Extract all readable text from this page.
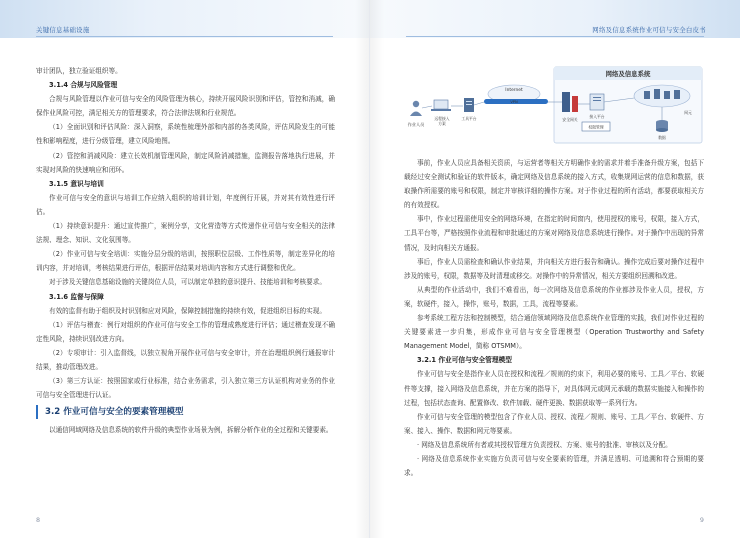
关键信息基础设施

审计团队，独立验证组织等。

3.1.4 合规与风险管理

合规与风险管理以作业可信与安全的风险管理为核心，持续开展风险识别和评估，管控和消减，确保作业风险可控，满足相关方的管理要求，符合法律法规和行业规范。

（1）全面识别和评估风险：深入洞察，系统性梳理外部和内部的各类风险，评估风险发生的可能性和影响程度，进行分级管理，建立风险地图。

（2）管控和消减风险：建立长效机制管理风险，制定风险消减措施，监测报告落地执行进展，并实现对风险的快速响应和闭环。

3.1.5 意识与培训

作业可信与安全的意识与培训工作应纳入组织的培训计划，年度例行开展，并对其有效性进行评估。

（1）持续意识提升：通过宣传推广，案例分享，文化营造等方式传递作业可信与安全相关的法律法规、理念、知识、文化氛围等。

（2）作业可信与安全培训：实施分层分级的培训，按照职位层级、工作性质等，制定差异化的培训内容，并对培训，考核结果进行评估，根据评估结果对培训内容和方式进行调整和优化。

对于涉及关键信息基础设施的关键岗位人员，可以制定单独的意识提升、技能培训和考核要求。

3.1.6 监督与保障

有效的监督有助于组织及时识别和应对风险，保障控制措施的持续有效，促进组织目标的实现。

（1）评估与稽查：例行对组织的作业可信与安全工作的管理成熟度进行评估；通过稽查发现不确定性风险，持续识别改进方向。

（2）专项审计：引入监督线，以独立视角开展作业可信与安全审计，并在治理组织例行通报审计结果，推动管理改进。

（3）第三方认证：按照国家或行业标准，结合业务需求，引入独立第三方认证机构对业务的作业可信与安全管理进行认证。

3.2 作业可信与安全的要素管理模型

以通信网域网络及信息系统的软件升级的典型作业场景为例，拆解分析作业的全过程和关键要素。

8
网络及信息系统作业可信与安全白皮书
网络及信息系统
作业人员
远程接入
方案
工具平台
Internet
VPN
安全网关
接入平台
权限管理
网元
数据

事前，作业人员应具备相关资质，与运营者等相关方明确作业的需求并着手准备升级方案，包括下载经过安全测试和验证的软件版本，确定网络及信息系统的接入方式，收集规网运营的信息和数据，获取操作所需要的账号和权限，制定并审核详细的操作方案。对于作业过程的所有活动，都要获取相关方的有效授权。

事中，作业过程需使用安全的网络环境，在指定的时间窗内，使用授权的账号，权限，接入方式，工具平台等，严格按照作业流程和审批通过的方案对网络及信息系统进行操作。对于操作中出现的异常情况，及时向相关方通报。

事后，作业人员需检查和确认作业结果，并向相关方进行报告和确认。操作完成后要对操作过程中涉及的账号，权限，数据等及时清理或移交。对操作中的异常情况，相关方要组织回溯和改进。

从典型的作业活动中，我们不难看出，每一次网络及信息系统的作业都涉及作业人员，授权，方案，软硬件，接入，操作，账号，数据，工具，流程等要素。

参考系统工程方法和控制模型，结合通信领域网络及信息系统作业管理的实践，我们对作业过程的关键要素进一步归集，形成作业可信与安全管理模型（Operation Trustworthy and Safety Management Model，简称 OTSMM）。

3.2.1 作业可信与安全管理模型

作业可信与安全是指作业人员在授权和流程／规则的约束下，利用必要的账号、工具／平台、软硬件等支撑，接入网络及信息系统，并在方案的指导下，对具体网元或网元承载的数据实施接入和操作的过程，包括状态查询、配置修改、软件加载、硬件更换、数据获取等一系列行为。

作业可信与安全管理的模型包含了作业人员、授权、流程／规则、账号、工具／平台、软硬件、方案、接入、操作、数据和网元等要素。

· 网络及信息系统所有者或其授权管理方负责授权、方案、账号的批准、审核以及分配。

· 网络及信息系统作业实施方负责可信与安全要素的管理，并满足透明、可追溯和符合预期的要求。

9
